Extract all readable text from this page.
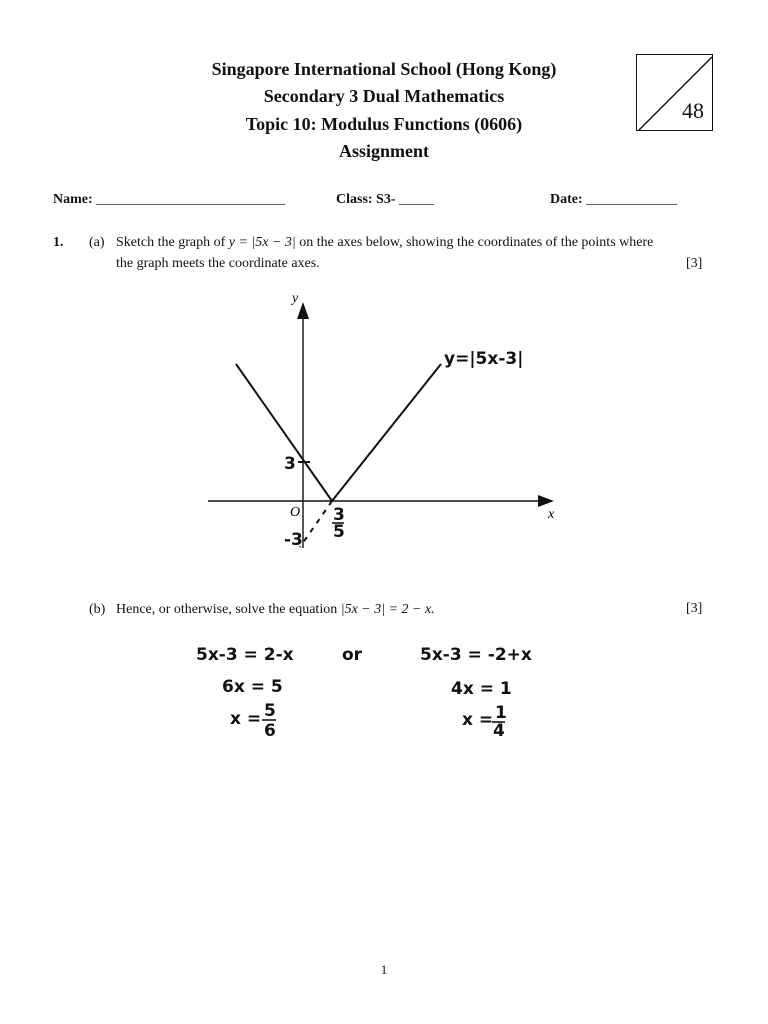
Singapore International School (Hong Kong)
Secondary 3 Dual Mathematics
Topic 10: Modulus Functions (0606)
Assignment
48
Name: ___________________________	Class: S3- _____	Date: _____________
1. (a) Sketch the graph of y = |5x − 3| on the axes below, showing the coordinates of the points where
the graph meets the coordinate axes.	[3]
y
x
O
3
-3
3
5
y=|5x-3|
5x-3 = 2-x
6x = 5
x = 5
6
or	5x-3 = -2+x
4x = 1
x = 1
4
(b) Hence, or otherwise, solve the equation |5x − 3| = 2 − x.	[3]
1
